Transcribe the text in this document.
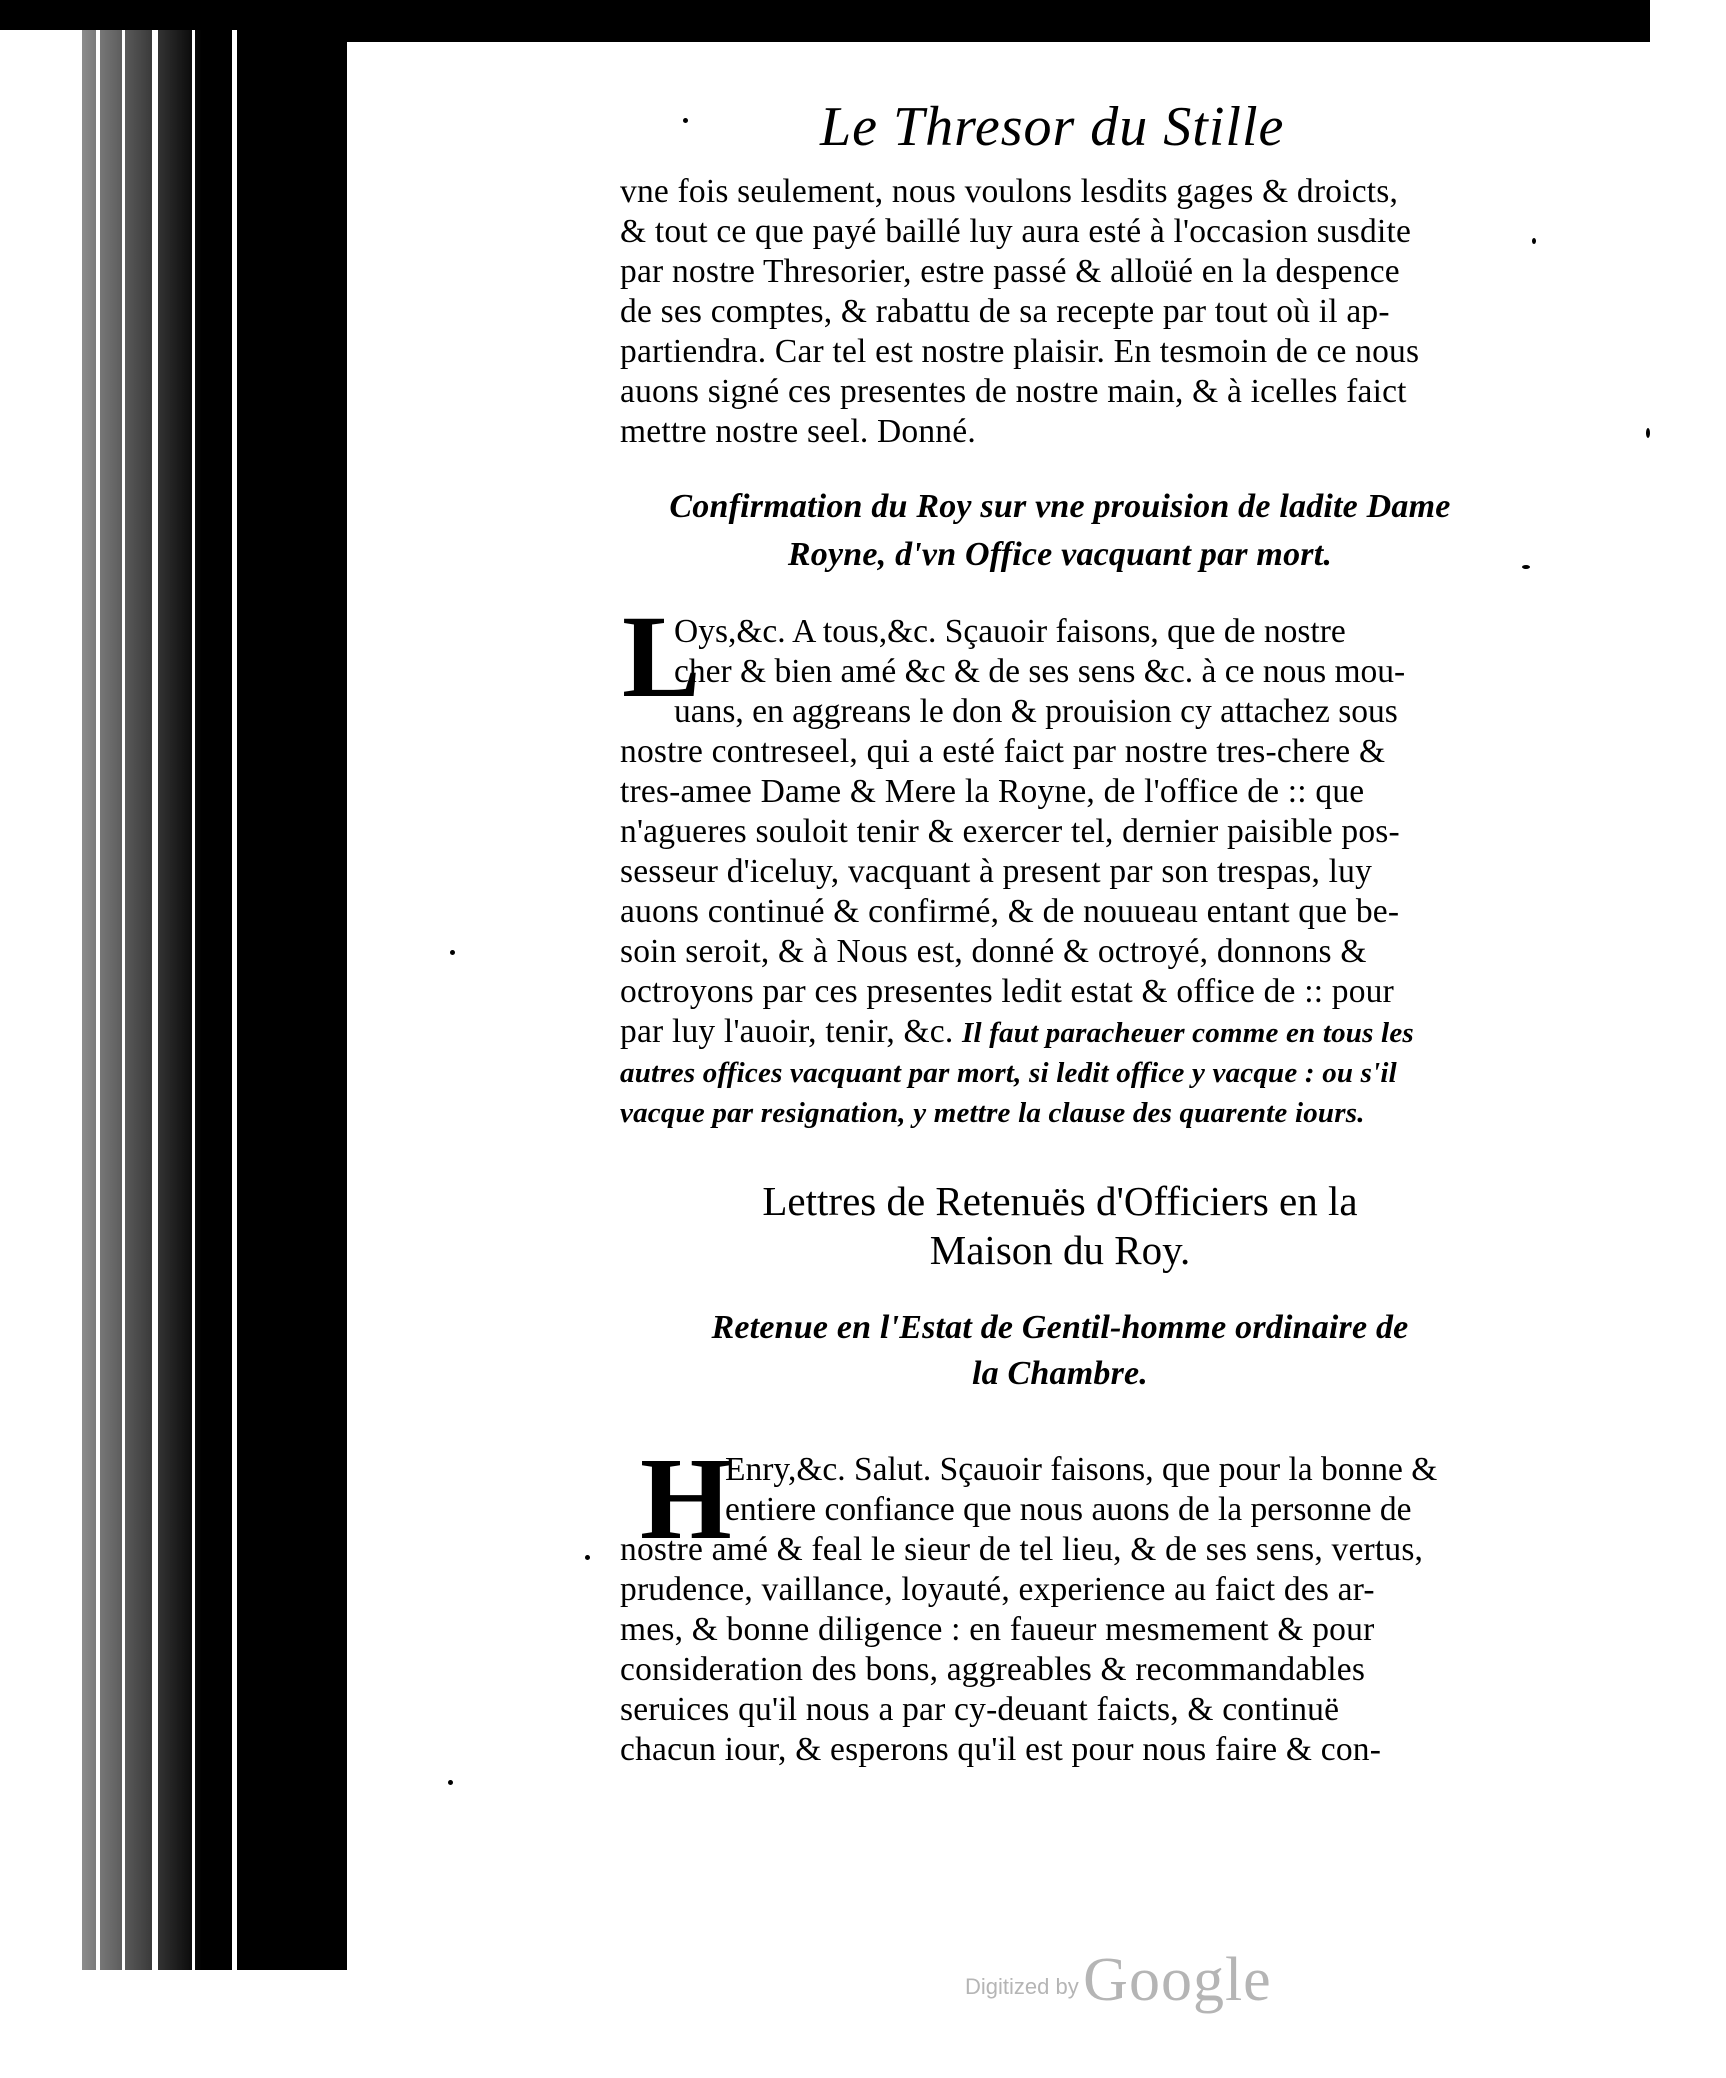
Le Thresor du Stille
vne fois seulement, nous voulons lesdits gages & droicts,
& tout ce que payé baillé luy aura esté à l'occasion susdite
par nostre Thresorier, estre passé & alloüé en la despence
de ses comptes, & rabattu de sa recepte par tout où il ap-
partiendra. Car tel est nostre plaisir. En tesmoin de ce nous
auons signé ces presentes de nostre main, & à icelles faict
mettre nostre seel. Donné.
Confirmation du Roy sur vne prouision de ladite Dame
Royne, d'vn Office vacquant par mort.
L
Oys,&c. A tous,&c. Sçauoir faisons, que de nostre
cher & bien amé &c & de ses sens &c. à ce nous mou-
uans, en aggreans le don & prouision cy attachez sous
nostre contreseel, qui a esté faict par nostre tres-chere &
tres-amee Dame & Mere la Royne, de l'office de :: que
n'agueres souloit tenir & exercer tel, dernier paisible pos-
sesseur d'iceluy, vacquant à present par son trespas, luy
auons continué & confirmé, & de nouueau entant que be-
soin seroit, & à Nous est, donné & octroyé, donnons &
octroyons par ces presentes ledit estat & office de :: pour
par luy l'auoir, tenir, &c. Il faut paracheuer comme en tous les
autres offices vacquant par mort, si ledit office y vacque : ou s'il
vacque par resignation, y mettre la clause des quarente iours.
Lettres de Retenuës d'Officiers en la
Maison du Roy.
Retenue en l'Estat de Gentil-homme ordinaire de
la Chambre.
H
Enry,&c. Salut. Sçauoir faisons, que pour la bonne &
entiere confiance que nous auons de la personne de
nostre amé & feal le sieur de tel lieu, & de ses sens, vertus,
prudence, vaillance, loyauté, experience au faict des ar-
mes, & bonne diligence : en faueur mesmement & pour
consideration des bons, aggreables & recommandables
seruices qu'il nous a par cy-deuant faicts, & continuë
chacun iour, & esperons qu'il est pour nous faire & con-
Digitized by Google
